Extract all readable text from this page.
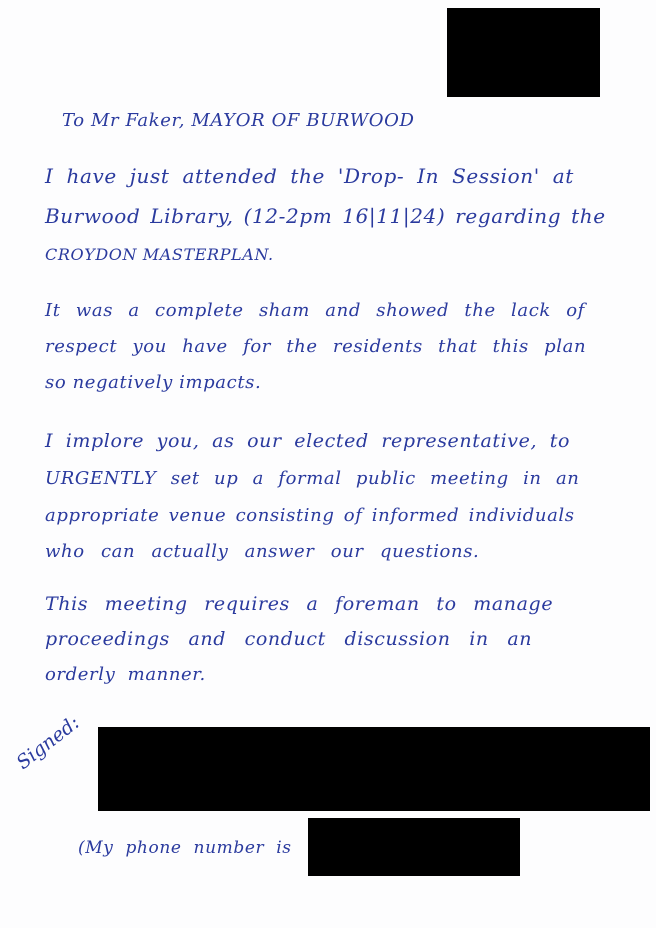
To Mr Faker, MAYOR OF BURWOOD
I have just attended the 'Drop- In Session' at
Burwood Library, (12-2pm 16|11|24) regarding the
CROYDON MASTERPLAN.
It was a complete sham and showed the lack of
respect you have for the residents that this plan
so negatively impacts.
I implore you, as our elected representative, to
URGENTLY set up a formal public meeting in an
appropriate venue consisting of informed individuals
who can actually answer our questions.
This meeting requires a foreman to manage
proceedings and conduct discussion in an
orderly manner.
Signed:
(My phone number is
